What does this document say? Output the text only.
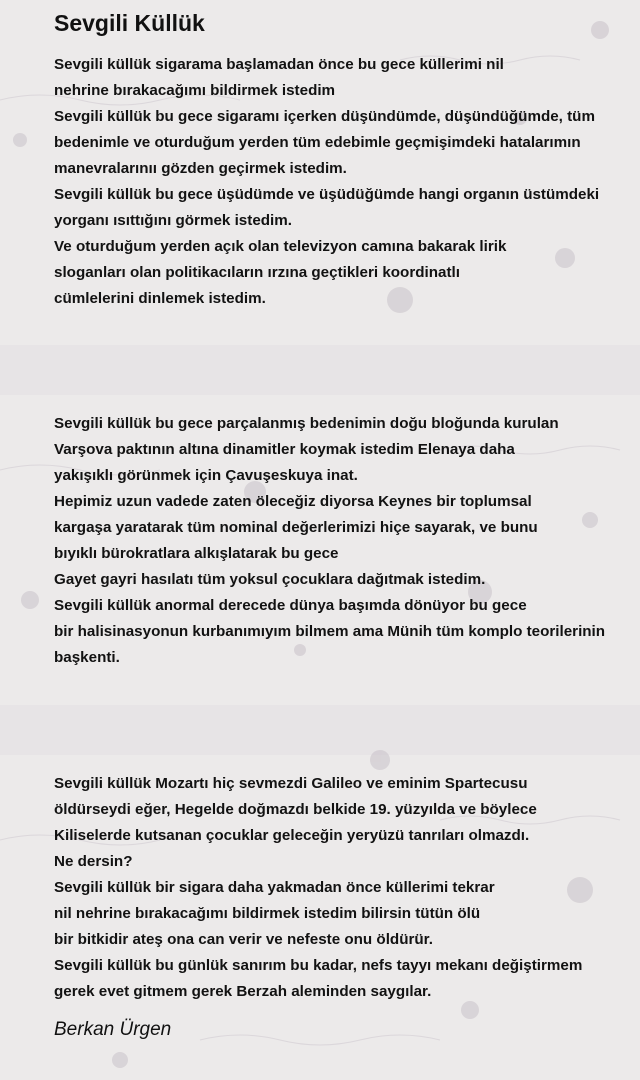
Sevgili Küllük
Sevgili küllük sigarama başlamadan önce bu gece küllerimi nil
nehrine bırakacağımı bildirmek istedim
Sevgili küllük bu gece sigaramı içerken düşündümde, düşündüğümde, tüm
bedenimle ve oturduğum yerden tüm edebimle geçmişimdeki hatalarımın
manevralarınıı gözden geçirmek istedim.
Sevgili küllük bu gece üşüdümde ve üşüdüğümde hangi organın üstümdeki
yorganı ısıttığını görmek istedim.
Ve oturduğum yerden açık olan televizyon camına bakarak lirik
sloganları olan politikacıların ırzına geçtikleri koordinatlı
cümlelerini dinlemek istedim.
Sevgili küllük bu gece parçalanmış bedenimin doğu bloğunda kurulan
Varşova paktının altına dinamitler koymak istedim Elenaya daha
yakışıklı görünmek için Çavuşeskuya inat.
Hepimiz uzun vadede zaten öleceğiz diyorsa Keynes bir toplumsal
kargaşa yaratarak tüm nominal değerlerimizi hiçe sayarak, ve bunu
bıyıklı bürokratlara alkışlatarak bu gece
Gayet gayri hasılatı tüm yoksul çocuklara dağıtmak istedim.
Sevgili küllük anormal derecede dünya başımda dönüyor bu gece
bir halisinasyonun kurbanımıyım bilmem ama Münih tüm komplo teorilerinin
başkenti.
Sevgili küllük Mozartı hiç sevmezdi Galileo ve eminim Spartecusu
öldürseydi eğer, Hegelde doğmazdı belkide 19. yüzyılda ve böylece
Kiliselerde kutsanan çocuklar geleceğin yeryüzü tanrıları olmazdı.
Ne dersin?
Sevgili küllük bir sigara daha yakmadan önce küllerimi tekrar
nil nehrine bırakacağımı bildirmek istedim bilirsin tütün ölü
bir bitkidir ateş ona can verir ve nefeste onu öldürür.
Sevgili küllük bu günlük sanırım bu kadar, nefs tayyı mekanı değiştirmem
gerek evet gitmem gerek Berzah aleminden saygılar.
Berkan Ürgen
